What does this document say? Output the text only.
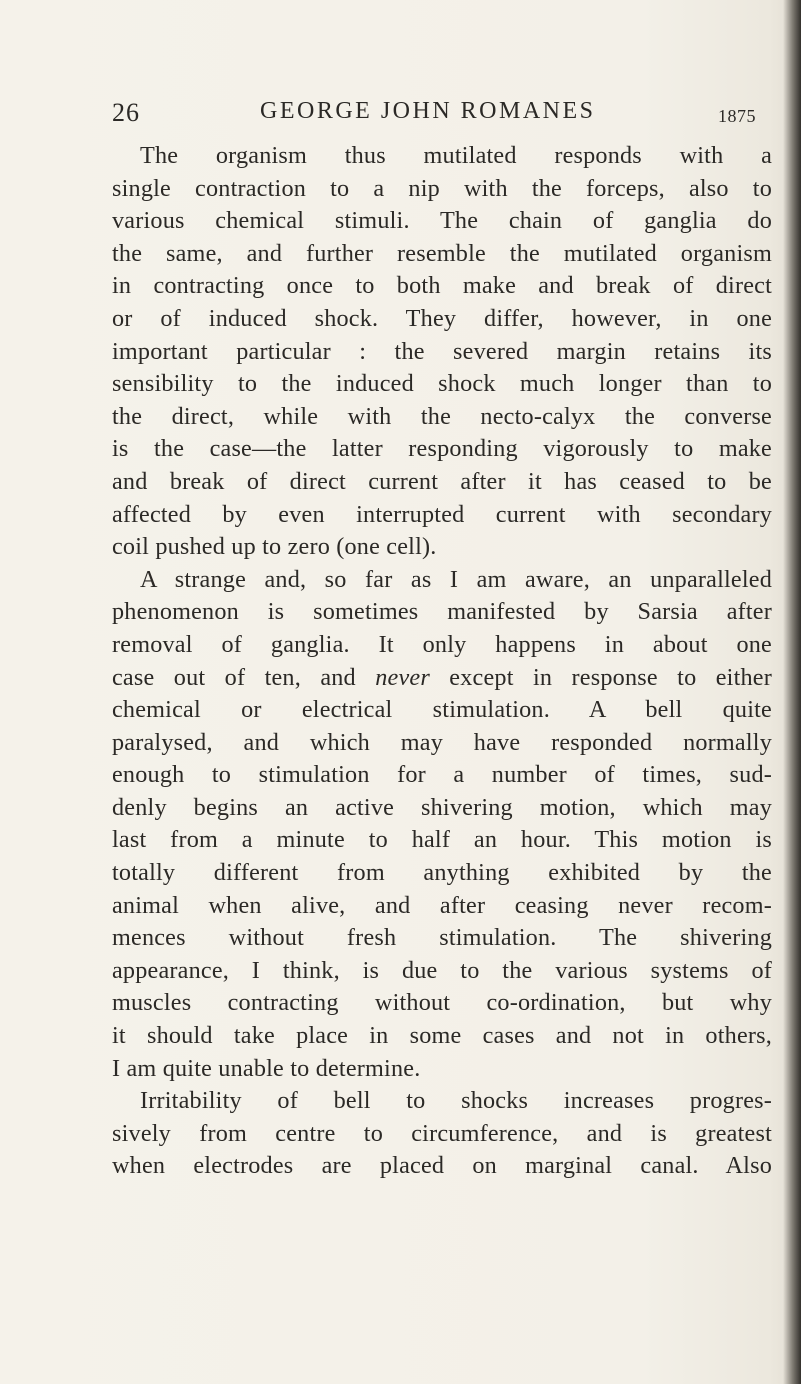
26	GEORGE JOHN ROMANES	1875
The organism thus mutilated responds with a
single contraction to a nip with the forceps, also to
various chemical stimuli. The chain of ganglia do
the same, and further resemble the mutilated organism
in contracting once to both make and break of direct
or of induced shock. They differ, however, in one
important particular : the severed margin retains its
sensibility to the induced shock much longer than to
the direct, while with the necto-calyx the converse
is the case—the latter responding vigorously to make
and break of direct current after it has ceased to be
affected by even interrupted current with secondary
coil pushed up to zero (one cell).
A strange and, so far as I am aware, an unparalleled
phenomenon is sometimes manifested by Sarsia after
removal of ganglia. It only happens in about one
case out of ten, and never except in response to either
chemical or electrical stimulation. A bell quite
paralysed, and which may have responded normally
enough to stimulation for a number of times, sud-
denly begins an active shivering motion, which may
last from a minute to half an hour. This motion is
totally different from anything exhibited by the
animal when alive, and after ceasing never recom-
mences without fresh stimulation. The shivering
appearance, I think, is due to the various systems of
muscles contracting without co-ordination, but why
it should take place in some cases and not in others,
I am quite unable to determine.
Irritability of bell to shocks increases progres-
sively from centre to circumference, and is greatest
when electrodes are placed on marginal canal. Also
